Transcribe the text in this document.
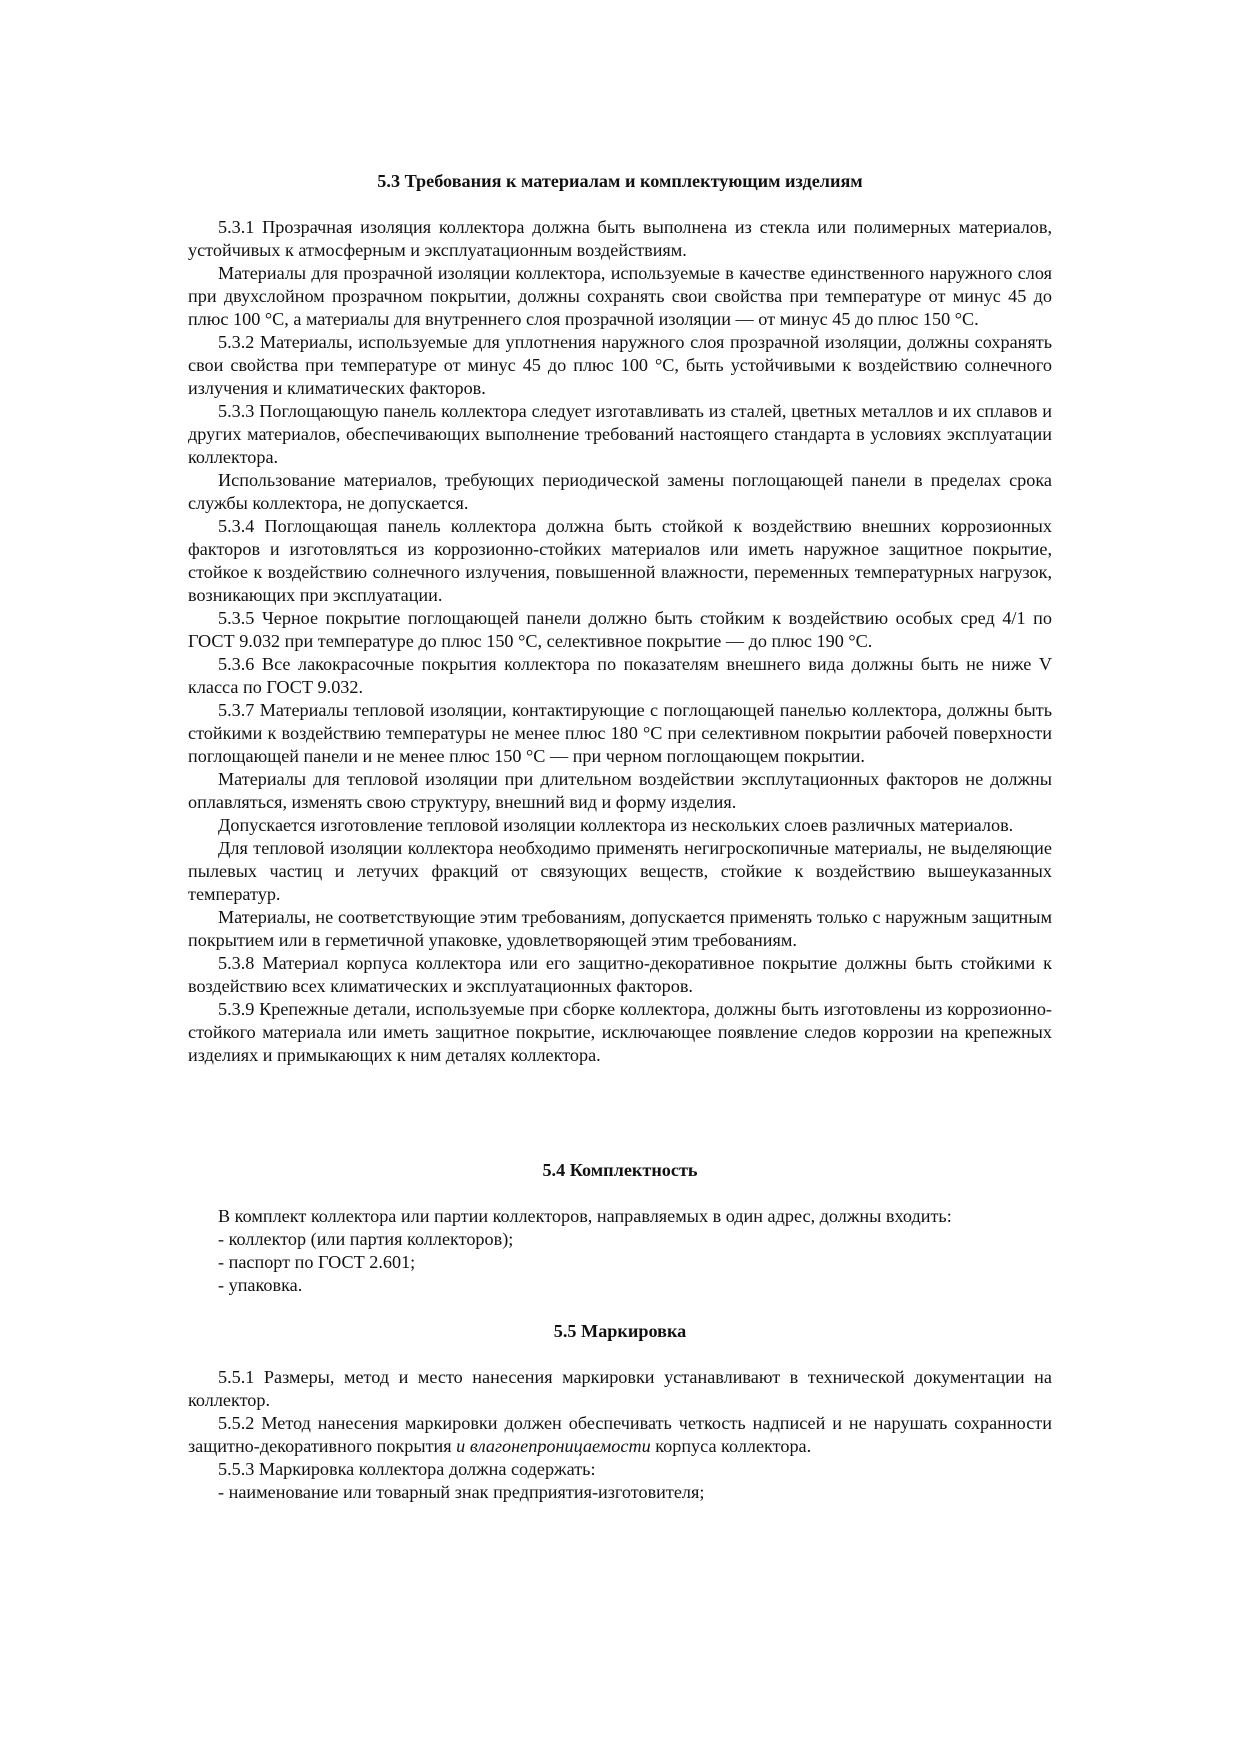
5.3 Требования к материалам и комплектующим изделиям

5.3.1 Прозрачная изоляция коллектора должна быть выполнена из стекла или полимерных материалов, устойчивых к атмосферным и эксплуатационным воздействиям.

Материалы для прозрачной изоляции коллектора, используемые в качестве единственного наружного слоя при двухслойном прозрачном покрытии, должны сохранять свои свойства при температуре от минус 45 до плюс 100 °С, а материалы для внутреннего слоя прозрачной изоляции — от минус 45 до плюс 150 °С.

5.3.2 Материалы, используемые для уплотнения наружного слоя прозрачной изоляции, должны сохранять свои свойства при температуре от минус 45 до плюс 100 °С, быть устойчивыми к воздействию солнечного излучения и климатических факторов.

5.3.3 Поглощающую панель коллектора следует изготавливать из сталей, цветных металлов и их сплавов и других материалов, обеспечивающих выполнение требований настоящего стандарта в условиях эксплуатации коллектора.

Использование материалов, требующих периодической замены поглощающей панели в пределах срока службы коллектора, не допускается.

5.3.4 Поглощающая панель коллектора должна быть стойкой к воздействию внешних коррозионных факторов и изготовляться из коррозионно-стойких материалов или иметь наружное защитное покрытие, стойкое к воздействию солнечного излучения, повышенной влажности, переменных температурных нагрузок, возникающих при эксплуатации.

5.3.5 Черное покрытие поглощающей панели должно быть стойким к воздействию особых сред 4/1 по ГОСТ 9.032 при температуре до плюс 150 °С, селективное покрытие — до плюс 190 °С.

5.3.6 Все лакокрасочные покрытия коллектора по показателям внешнего вида должны быть не ниже V класса по ГОСТ 9.032.

5.3.7 Материалы тепловой изоляции, контактирующие с поглощающей панелью коллектора, должны быть стойкими к воздействию температуры не менее плюс 180 °С при селективном покрытии рабочей поверхности поглощающей панели и не менее плюс 150 °С — при черном поглощающем покрытии.

Материалы для тепловой изоляции при длительном воздействии эксплутационных факторов не должны оплавляться, изменять свою структуру, внешний вид и форму изделия.

Допускается изготовление тепловой изоляции коллектора из нескольких слоев различных материалов.

Для тепловой изоляции коллектора необходимо применять негигроскопичные материалы, не выделяющие пылевых частиц и летучих фракций от связующих веществ, стойкие к воздействию вышеуказанных температур.

Материалы, не соответствующие этим требованиям, допускается применять только с наружным защитным покрытием или в герметичной упаковке, удовлетворяющей этим требованиям.

5.3.8 Материал корпуса коллектора или его защитно-декоративное покрытие должны быть стойкими к воздействию всех климатических и эксплуатационных факторов.

5.3.9 Крепежные детали, используемые при сборке коллектора, должны быть изготовлены из коррозионно-стойкого материала или иметь защитное покрытие, исключающее появление следов коррозии на крепежных изделиях и примыкающих к ним деталях коллектора.

5.4 Комплектность

В комплект коллектора или партии коллекторов, направляемых в один адрес, должны входить:

- коллектор (или партия коллекторов);

- паспорт по ГОСТ 2.601;

- упаковка.

5.5 Маркировка

5.5.1 Размеры, метод и место нанесения маркировки устанавливают в технической документации на коллектор.

5.5.2 Метод нанесения маркировки должен обеспечивать четкость надписей и не нарушать сохранности защитно-декоративного покрытия и влагонепроницаемости корпуса коллектора.

5.5.3 Маркировка коллектора должна содержать:

- наименование или товарный знак предприятия-изготовителя;
